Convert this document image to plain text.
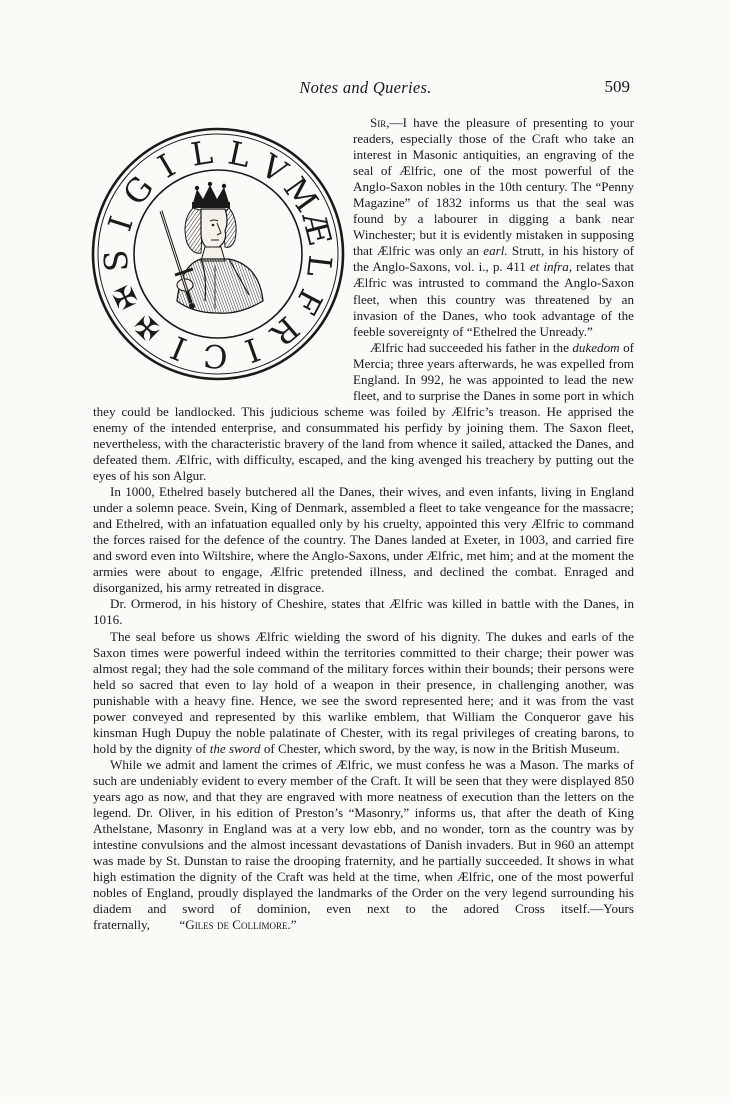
Notes and Queries.	509
✠
S
I
G
I L L V
M
Æ
L
F
R
I
C
I
✠

Sir,—I have the pleasure of presenting to your readers, especially those of the Craft who take an interest in Masonic antiquities, an engraving of the seal of Ælfric, one of the most powerful of the Anglo-Saxon nobles in the 10th century. The “Penny Magazine” of 1832 informs us that the seal was found by a labourer in digging a bank near Winchester; but it is evidently mistaken in supposing that Ælfric was only an earl. Strutt, in his history of the Anglo-Saxons, vol. i., p. 411 et infra, relates that Ælfric was intrusted to command the Anglo-Saxon fleet, when this country was threatened by an invasion of the Danes, who took advantage of the feeble sovereignty of “Ethelred the Unready.”

Ælfric had succeeded his father in the dukedom of Mercia; three years afterwards, he was expelled from England. In 992, he was appointed to lead the new fleet, and to surprise the Danes in some port in which they could be landlocked. This judicious scheme was foiled by Ælfric’s treason. He apprised the enemy of the intended enterprise, and consummated his perfidy by joining them. The Saxon fleet, nevertheless, with the characteristic bravery of the land from whence it sailed, attacked the Danes, and defeated them. Ælfric, with difficulty, escaped, and the king avenged his treachery by putting out the eyes of his son Algur.

In 1000, Ethelred basely butchered all the Danes, their wives, and even infants, living in England under a solemn peace. Svein, King of Denmark, assembled a fleet to take vengeance for the massacre; and Ethelred, with an infatuation equalled only by his cruelty, appointed this very Ælfric to command the forces raised for the defence of the country. The Danes landed at Exeter, in 1003, and carried fire and sword even into Wiltshire, where the Anglo-Saxons, under Ælfric, met him; and at the moment the armies were about to engage, Ælfric pretended illness, and declined the combat. Enraged and disorganized, his army retreated in disgrace.

Dr. Ormerod, in his history of Cheshire, states that Ælfric was killed in battle with the Danes, in 1016.

The seal before us shows Ælfric wielding the sword of his dignity. The dukes and earls of the Saxon times were powerful indeed within the territories committed to their charge; their power was almost regal; they had the sole command of the military forces within their bounds; their persons were held so sacred that even to lay hold of a weapon in their presence, in challenging another, was punishable with a heavy fine. Hence, we see the sword represented here; and it was from the vast power conveyed and represented by this warlike emblem, that William the Conqueror gave his kinsman Hugh Dupuy the noble palatinate of Chester, with its regal privileges of creating barons, to hold by the dignity of the sword of Chester, which sword, by the way, is now in the British Museum.

While we admit and lament the crimes of Ælfric, we must confess he was a Mason. The marks of such are undeniably evident to every member of the Craft. It will be seen that they were displayed 850 years ago as now, and that they are engraved with more neatness of execution than the letters on the legend. Dr. Oliver, in his edition of Preston’s “Masonry,” informs us, that after the death of King Athelstane, Masonry in England was at a very low ebb, and no wonder, torn as the country was by intestine convulsions and the almost incessant devastations of Danish invaders. But in 960 an attempt was made by St. Dunstan to raise the drooping fraternity, and he partially succeeded. It shows in what high estimation the dignity of the Craft was held at the time, when Ælfric, one of the most powerful nobles of England, proudly displayed the landmarks of the Order on the very legend surrounding his diadem and sword of dominion, even next to the adored Cross itself.—Yours fraternally, “Giles de Collimore.”
